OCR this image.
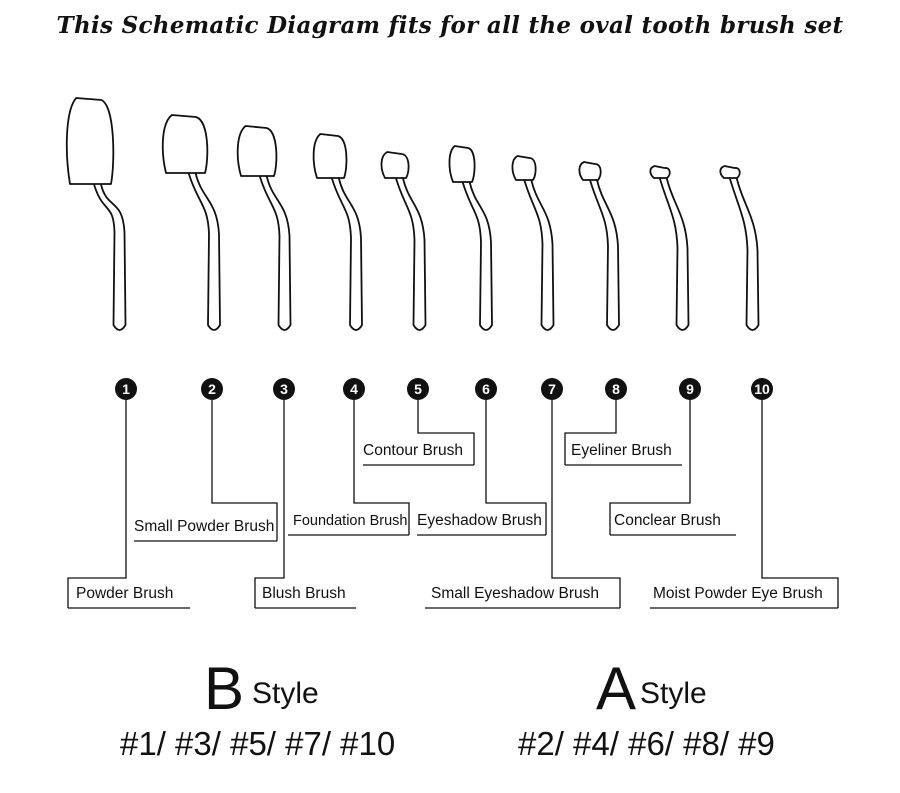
This Schematic Diagram fits for all the oval tooth brush set
1	2	3	4	5	6	7	8	9	10
Powder Brush
Small Powder Brush
Blush Brush
Foundation Brush
Contour Brush
Eyeshadow Brush
Small Eyeshadow Brush
Eyeliner Brush
Conclear Brush
Moist Powder Eye Brush
B Style
#1/ #3/ #5/ #7/ #10
A Style
#2/ #4/ #6/ #8/ #9
